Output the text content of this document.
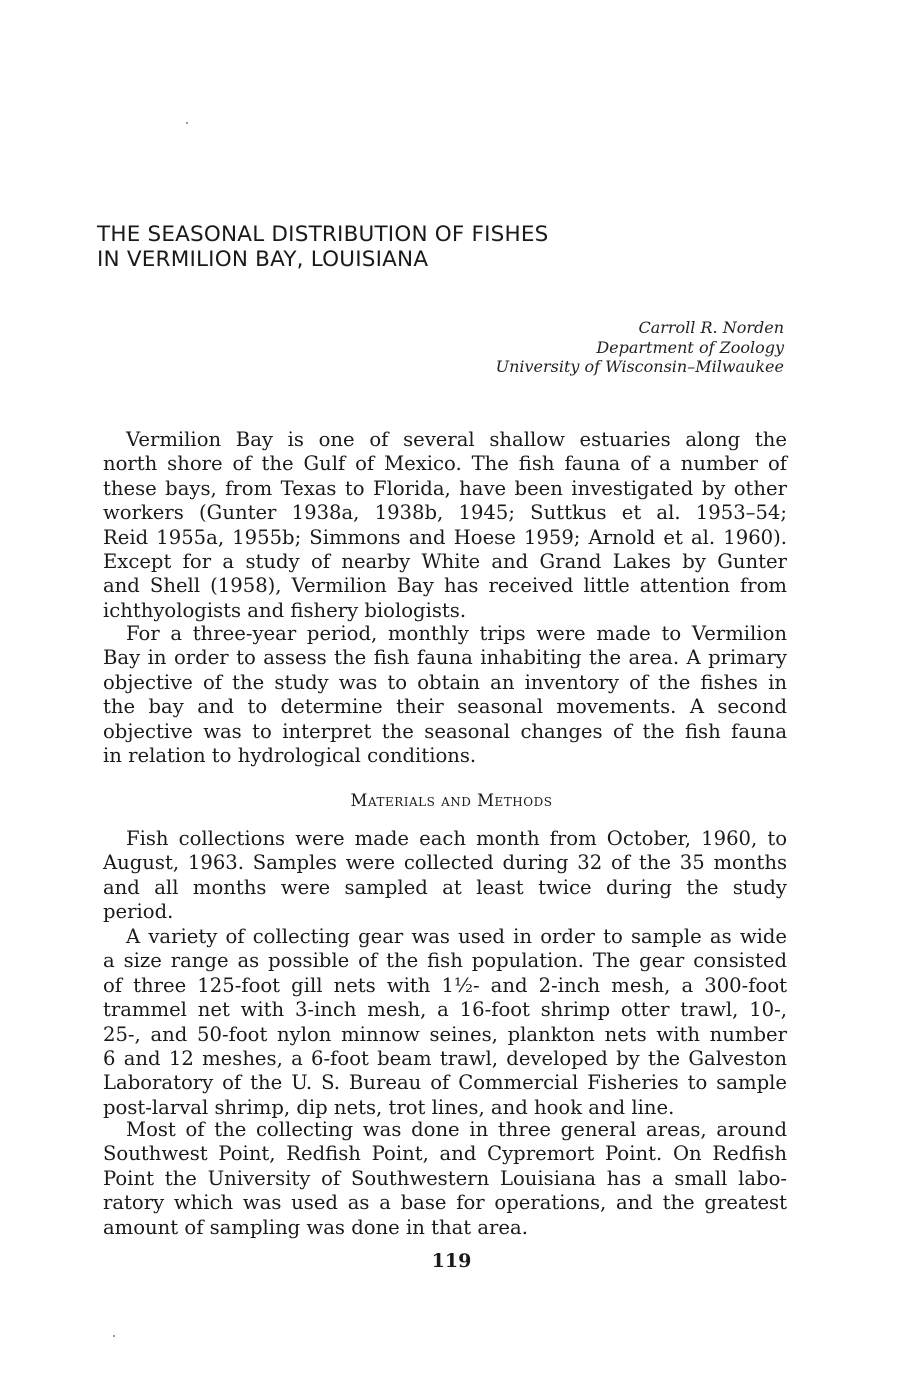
THE SEASONAL DISTRIBUTION OF FISHES
IN VERMILION BAY, LOUISIANA
Carroll R. Norden
Department of Zoology
University of Wisconsin–Milwaukee
Vermilion Bay is one of several shallow estuaries along the
north shore of the Gulf of Mexico. The fish fauna of a number of
these bays, from Texas to Florida, have been investigated by other
workers (Gunter 1938a, 1938b, 1945; Suttkus et al. 1953–54;
Reid 1955a, 1955b; Simmons and Hoese 1959; Arnold et al. 1960).
Except for a study of nearby White and Grand Lakes by Gunter
and Shell (1958), Vermilion Bay has received little attention from
ichthyologists and fishery biologists.
For a three-year period, monthly trips were made to Vermilion
Bay in order to assess the fish fauna inhabiting the area. A primary
objective of the study was to obtain an inventory of the fishes in
the bay and to determine their seasonal movements. A second
objective was to interpret the seasonal changes of the fish fauna
in relation to hydrological conditions.
Materials and Methods
Fish collections were made each month from October, 1960, to
August, 1963. Samples were collected during 32 of the 35 months
and all months were sampled at least twice during the study
period.
A variety of collecting gear was used in order to sample as wide
a size range as possible of the fish population. The gear consisted
of three 125-foot gill nets with 1½- and 2-inch mesh, a 300-foot
trammel net with 3-inch mesh, a 16-foot shrimp otter trawl, 10-,
25-, and 50-foot nylon minnow seines, plankton nets with number
6 and 12 meshes, a 6-foot beam trawl, developed by the Galveston
Laboratory of the U. S. Bureau of Commercial Fisheries to sample
post-larval shrimp, dip nets, trot lines, and hook and line.
Most of the collecting was done in three general areas, around
Southwest Point, Redfish Point, and Cypremort Point. On Redfish
Point the University of Southwestern Louisiana has a small labo-
ratory which was used as a base for operations, and the greatest
amount of sampling was done in that area.
119
